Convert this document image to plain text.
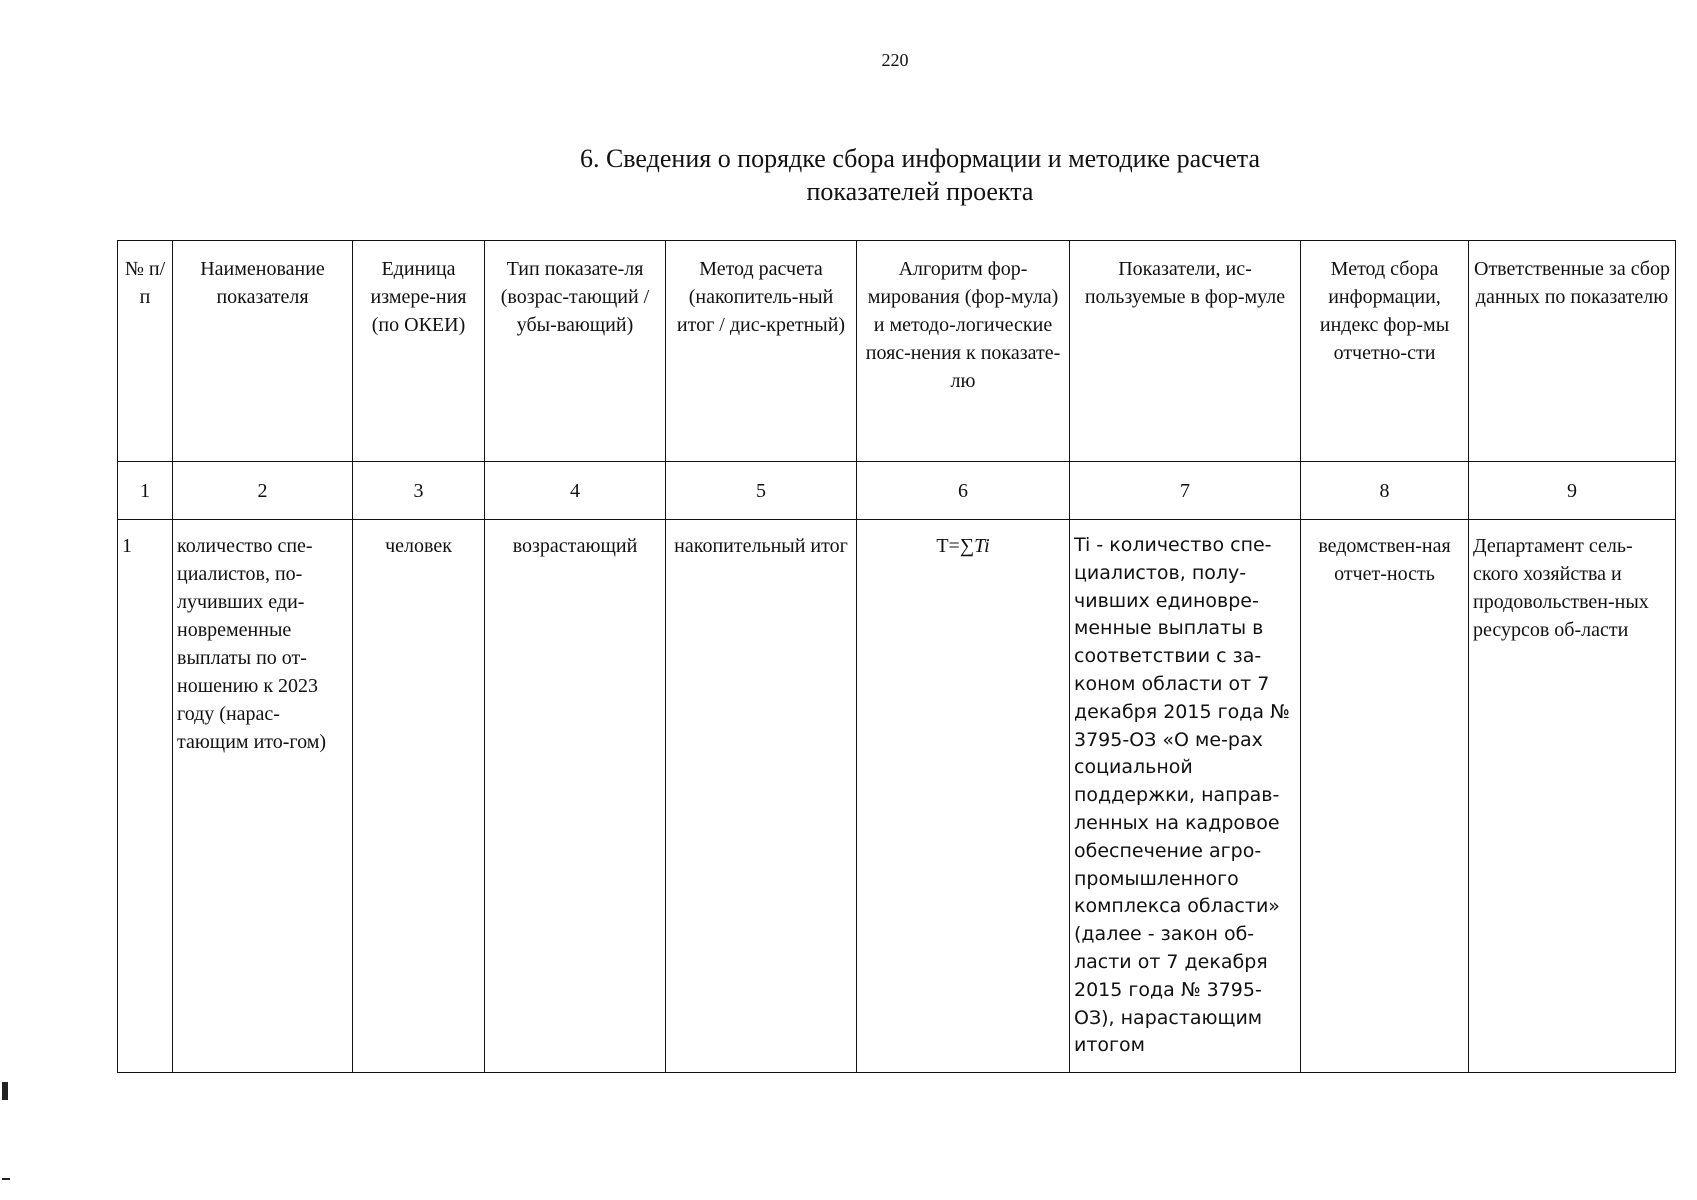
220
6. Сведения о порядке сбора информации и методике расчета
показателей проекта
№ п/ п	Наименование показателя	Единица измере-ния (по ОКЕИ)	Тип показате-ля (возрас-тающий / убы-вающий)	Метод расчета (накопитель-ный итог / дис-кретный)	Алгоритм фор-мирования (фор-мула) и методо-логические пояс-нения к показате-лю	Показатели, ис-пользуемые в фор-муле	Метод сбора информации, индекс фор-мы отчетно-сти	Ответственные за сбор данных по показателю
1	2	3	4	5	6	7	8	9
1	количество спе-циалистов, по-лучивших еди-новременные выплаты по от-ношению к 2023 году (нарас-тающим ито-гом)	человек	возрастающий	накопительный итог	T=∑Ti	Ti - количество спе-циалистов, полу-чивших единовре-менные выплаты в соответствии с за-коном области от 7 декабря 2015 года № 3795-ОЗ «О ме-рах социальной поддержки, направ-ленных на кадровое обеспечение агро-промышленного комплекса области» (далее - закон об-ласти от 7 декабря 2015 года № 3795-ОЗ), нарастающим итогом	ведомствен-ная отчет-ность	Департамент сель-ского хозяйства и продовольствен-ных ресурсов об-ласти
